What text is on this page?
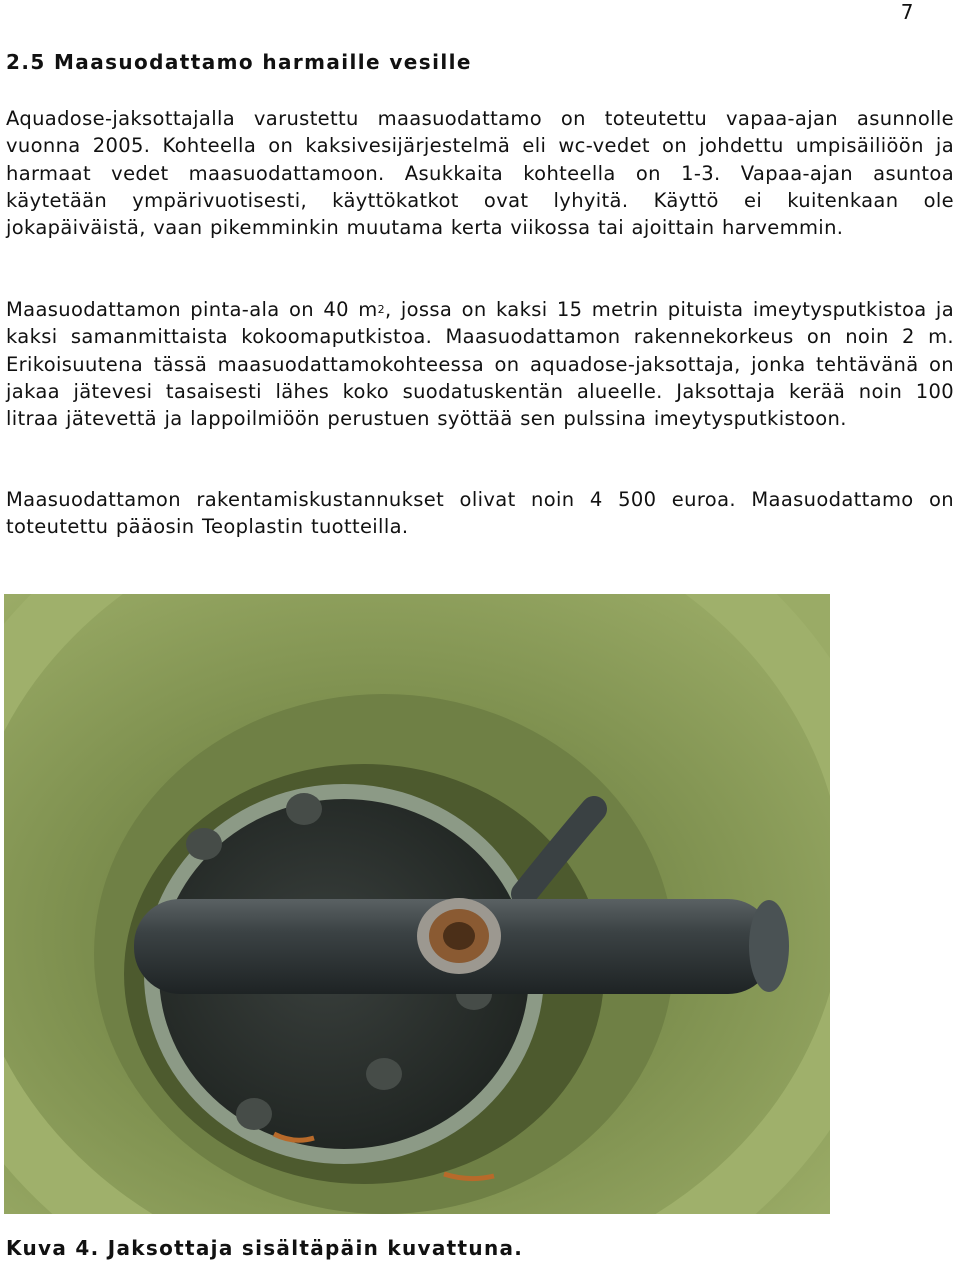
7
2.5 Maasuodattamo harmaille vesille

Aquadose-jaksottajalla varustettu maasuodattamo on toteutettu vapaa-ajan asunnolle vuonna 2005. Kohteella on kaksivesijärjestelmä eli wc-vedet on johdettu umpisäiliöön ja harmaat vedet maasuodattamoon. Asukkaita kohteella on 1-3. Vapaa-ajan asuntoa käytetään ympärivuotisesti, käyttökatkot ovat lyhyitä. Käyttö ei kuitenkaan ole jokapäiväistä, vaan pikemminkin muutama kerta viikossa tai ajoittain harvemmin.

Maasuodattamon pinta-ala on 40 $m^2$, jossa on kaksi 15 metrin pituista imeytysputkistoa ja kaksi samanmittaista kokoomaputkistoa. Maasuodattamon rakennekorkeus on noin 2 m. Erikoisuutena tässä maasuodattamokohteessa on aquadose-jaksottaja, jonka tehtävänä on jakaa jätevesi tasaisesti lähes koko suodatuskentän alueelle. Jaksottaja kerää noin 100 litraa jätevettä ja lappoilmiöön perustuen syöttää sen pulssina imeytysputkistoon.

Maasuodattamon rakentamiskustannukset olivat noin 4 500 euroa. Maasuodattamo on toteutettu pääosin Teoplastin tuotteilla.

Kuva 4. Jaksottaja sisältäpäin kuvattuna.
